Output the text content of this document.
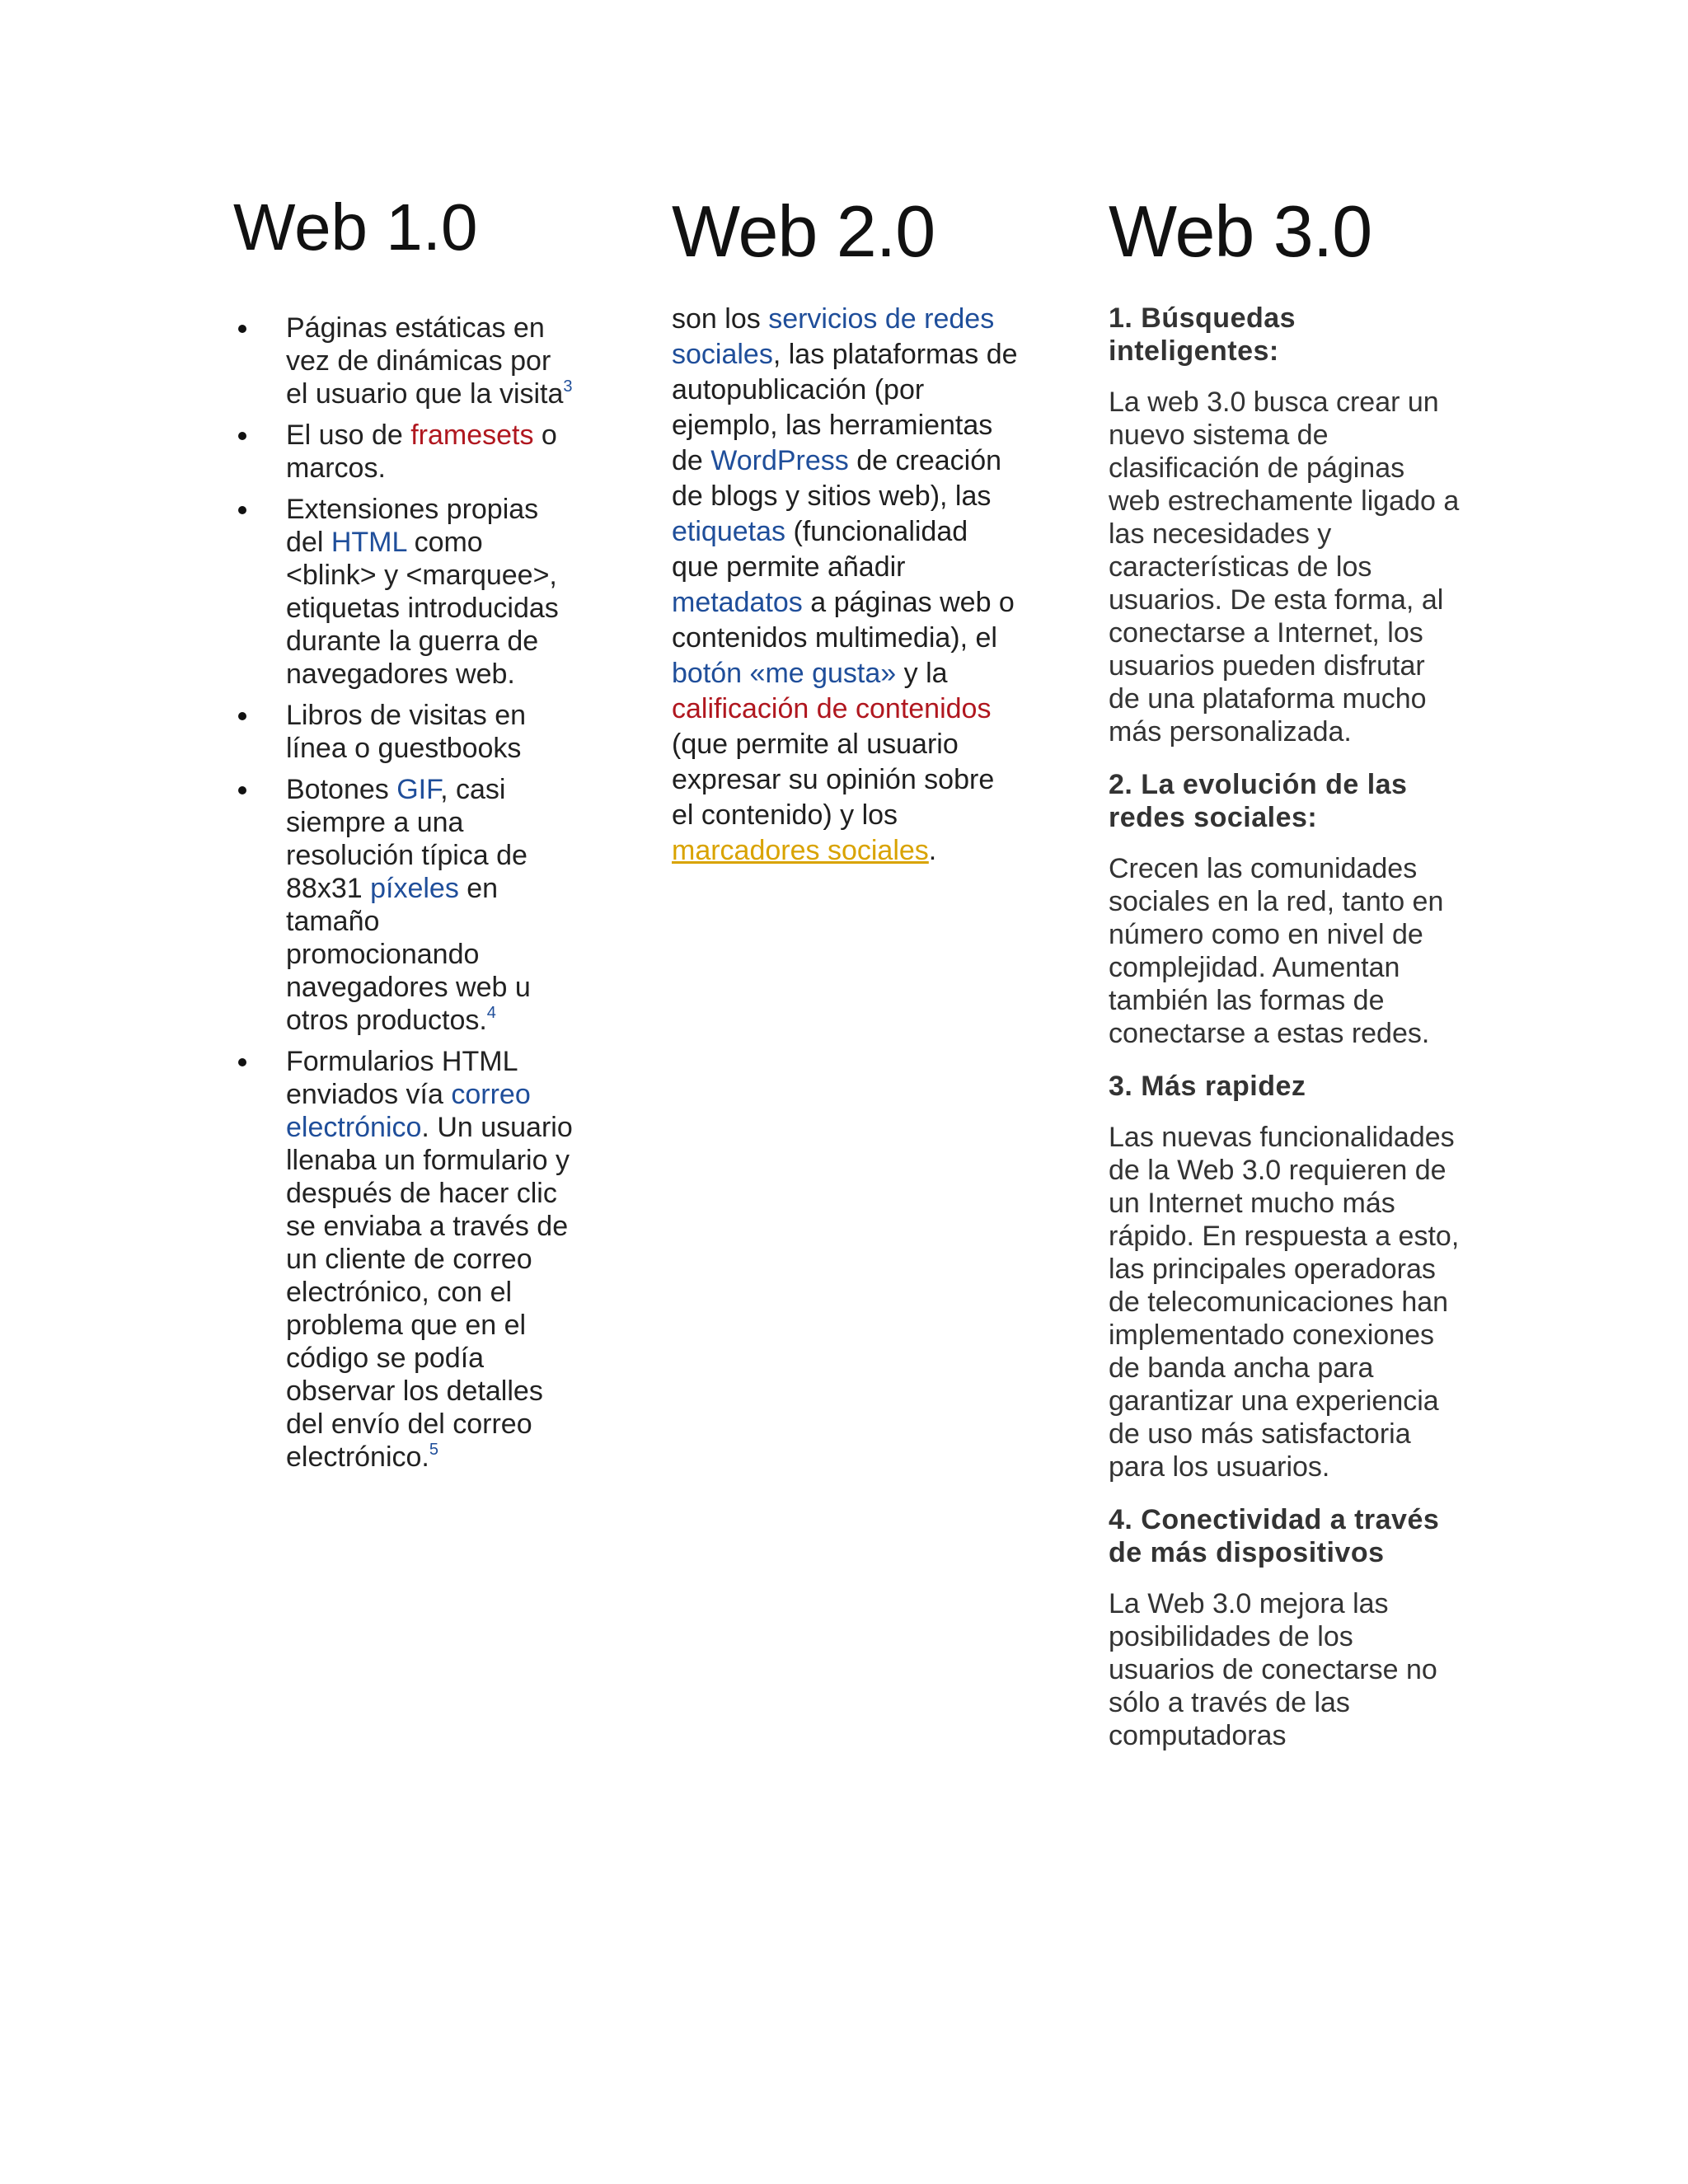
Web 1.0
Páginas estáticas en vez de dinámicas por el usuario que la visita$^3$
El uso de framesets o marcos.
Extensiones propias del HTML como <blink> y <marquee>, etiquetas introducidas durante la guerra de navegadores web.
Libros de visitas en línea o guestbooks
Botones GIF, casi siempre a una resolución típica de 88x31 píxeles en tamaño promocionando navegadores web u otros productos.$^4$
Formularios HTML enviados vía correo electrónico. Un usuario llenaba un formulario y después de hacer clic se enviaba a través de un cliente de correo electrónico, con el problema que en el código se podía observar los detalles del envío del correo electrónico.$^5$
Web 2.0
son los servicios de redes sociales, las plataformas de autopublicación (por ejemplo, las herramientas de WordPress de creación de blogs y sitios web), las etiquetas (funcionalidad que permite añadir metadatos a páginas web o contenidos multimedia), el botón «me gusta» y la calificación de contenidos (que permite al usuario expresar su opinión sobre el contenido) y los marcadores sociales.
Web 3.0
1. Búsquedas inteligentes:
La web 3.0 busca crear un nuevo sistema de clasificación de páginas web estrechamente ligado a las necesidades y características de los usuarios. De esta forma, al conectarse a Internet, los usuarios pueden disfrutar de una plataforma mucho más personalizada.
2. La evolución de las redes sociales:
Crecen las comunidades sociales en la red, tanto en número como en nivel de complejidad. Aumentan también las formas de conectarse a estas redes.
3. Más rapidez
Las nuevas funcionalidades de la Web 3.0 requieren de un Internet mucho más rápido. En respuesta a esto, las principales operadoras de telecomunicaciones han implementado conexiones de banda ancha para garantizar una experiencia de uso más satisfactoria para los usuarios.
4. Conectividad a través de más dispositivos
La Web 3.0 mejora las posibilidades de los usuarios de conectarse no sólo a través de las computadoras
